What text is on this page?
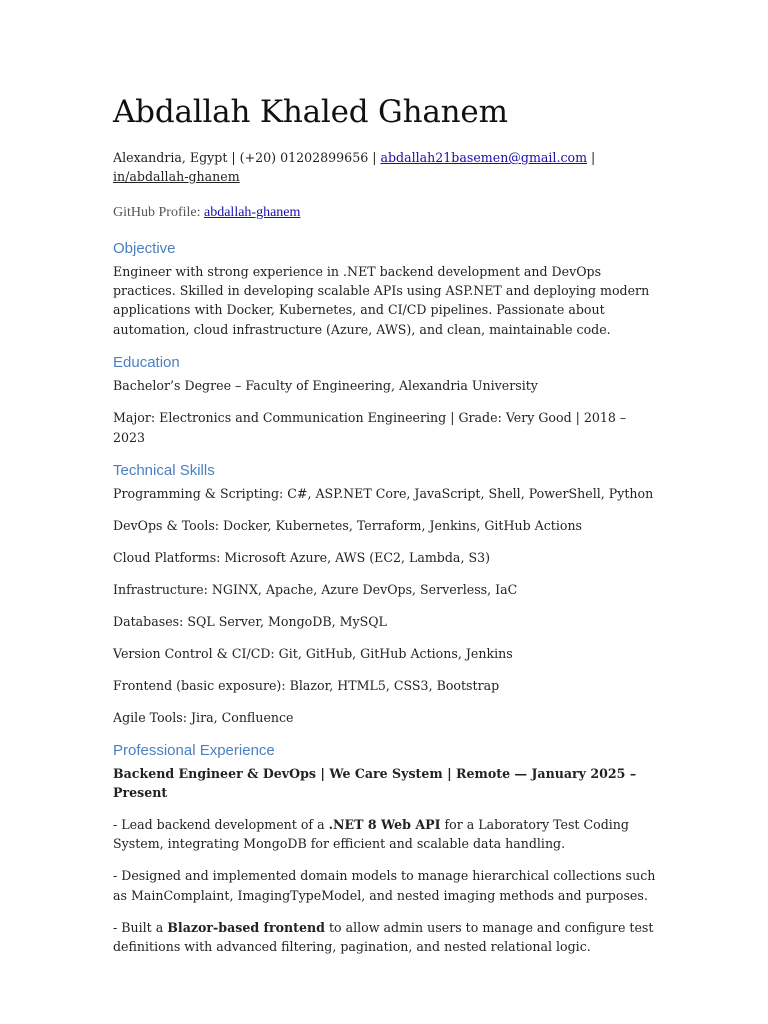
Abdallah Khaled Ghanem

Alexandria, Egypt | (+20) 01202899656 | abdallah21basemen@gmail.com | in/abdallah-ghanem

GitHub Profile: abdallah-ghanem

Objective

Engineer with strong experience in .NET backend development and DevOps practices. Skilled in developing scalable APIs using ASP.NET and deploying modern applications with Docker, Kubernetes, and CI/CD pipelines. Passionate about automation, cloud infrastructure (Azure, AWS), and clean, maintainable code.

Education

Bachelor’s Degree – Faculty of Engineering, Alexandria University

Major: Electronics and Communication Engineering | Grade: Very Good | 2018 – 2023

Technical Skills

Programming & Scripting: C#, ASP.NET Core, JavaScript, Shell, PowerShell, Python

DevOps & Tools: Docker, Kubernetes, Terraform, Jenkins, GitHub Actions

Cloud Platforms: Microsoft Azure, AWS (EC2, Lambda, S3)

Infrastructure: NGINX, Apache, Azure DevOps, Serverless, IaC

Databases: SQL Server, MongoDB, MySQL

Version Control & CI/CD: Git, GitHub, GitHub Actions, Jenkins

Frontend (basic exposure): Blazor, HTML5, CSS3, Bootstrap

Agile Tools: Jira, Confluence

Professional Experience

Backend Engineer & DevOps | We Care System | Remote — January 2025 – Present

- Lead backend development of a .NET 8 Web API for a Laboratory Test Coding System, integrating MongoDB for efficient and scalable data handling.

- Designed and implemented domain models to manage hierarchical collections such as MainComplaint, ImagingTypeModel, and nested imaging methods and purposes.

- Built a Blazor-based frontend to allow admin users to manage and configure test definitions with advanced filtering, pagination, and nested relational logic.
